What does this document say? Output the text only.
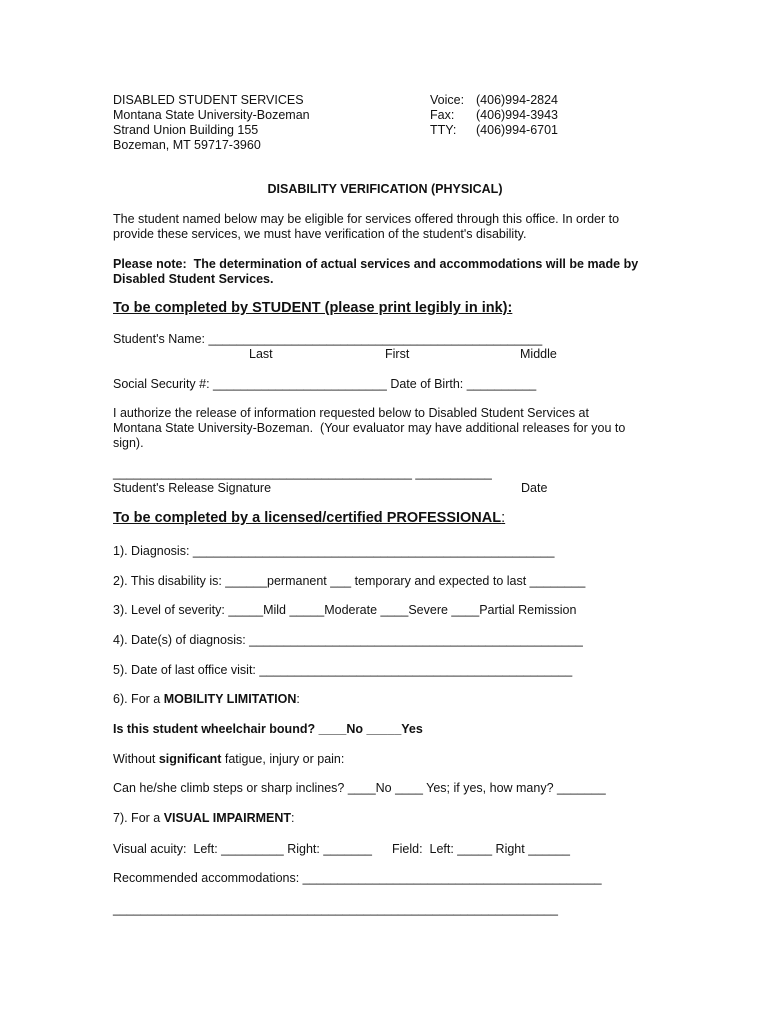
DISABLED STUDENT SERVICES
Montana State University-Bozeman
Strand Union Building 155
Bozeman, MT 59717-3960
Voice: (406)994-2824
Fax: (406)994-3943
TTY: (406)994-6701
DISABILITY VERIFICATION (PHYSICAL)
The student named below may be eligible for services offered through this office. In order to
provide these services, we must have verification of the student's disability.
Please note:  The determination of actual services and accommodations will be made by
Disabled Student Services.
To be completed by STUDENT (please print legibly in ink):
Student's Name: ________________________________________________
Last	First	Middle
Social Security #: _________________________ Date of Birth: __________
I authorize the release of information requested below to Disabled Student Services at
Montana State University-Bozeman.  (Your evaluator may have additional releases for you to
sign).
___________________________________________ ___________
Student's Release Signature	Date
To be completed by a licensed/certified PROFESSIONAL:
1). Diagnosis: ____________________________________________________
2). This disability is: ______permanent ___ temporary and expected to last ________
3). Level of severity: _____Mild _____Moderate ____Severe ____Partial Remission
4). Date(s) of diagnosis: ________________________________________________
5). Date of last office visit: _____________________________________________
6). For a MOBILITY LIMITATION:
Is this student wheelchair bound? ____No _____Yes
Without significant fatigue, injury or pain:
Can he/she climb steps or sharp inclines? ____No ____ Yes; if yes, how many? _______
7). For a VISUAL IMPAIRMENT:
Visual acuity:  Left: _________ Right: _______ Field:  Left: _____ Right ______
Recommended accommodations: ___________________________________________
________________________________________________________________
